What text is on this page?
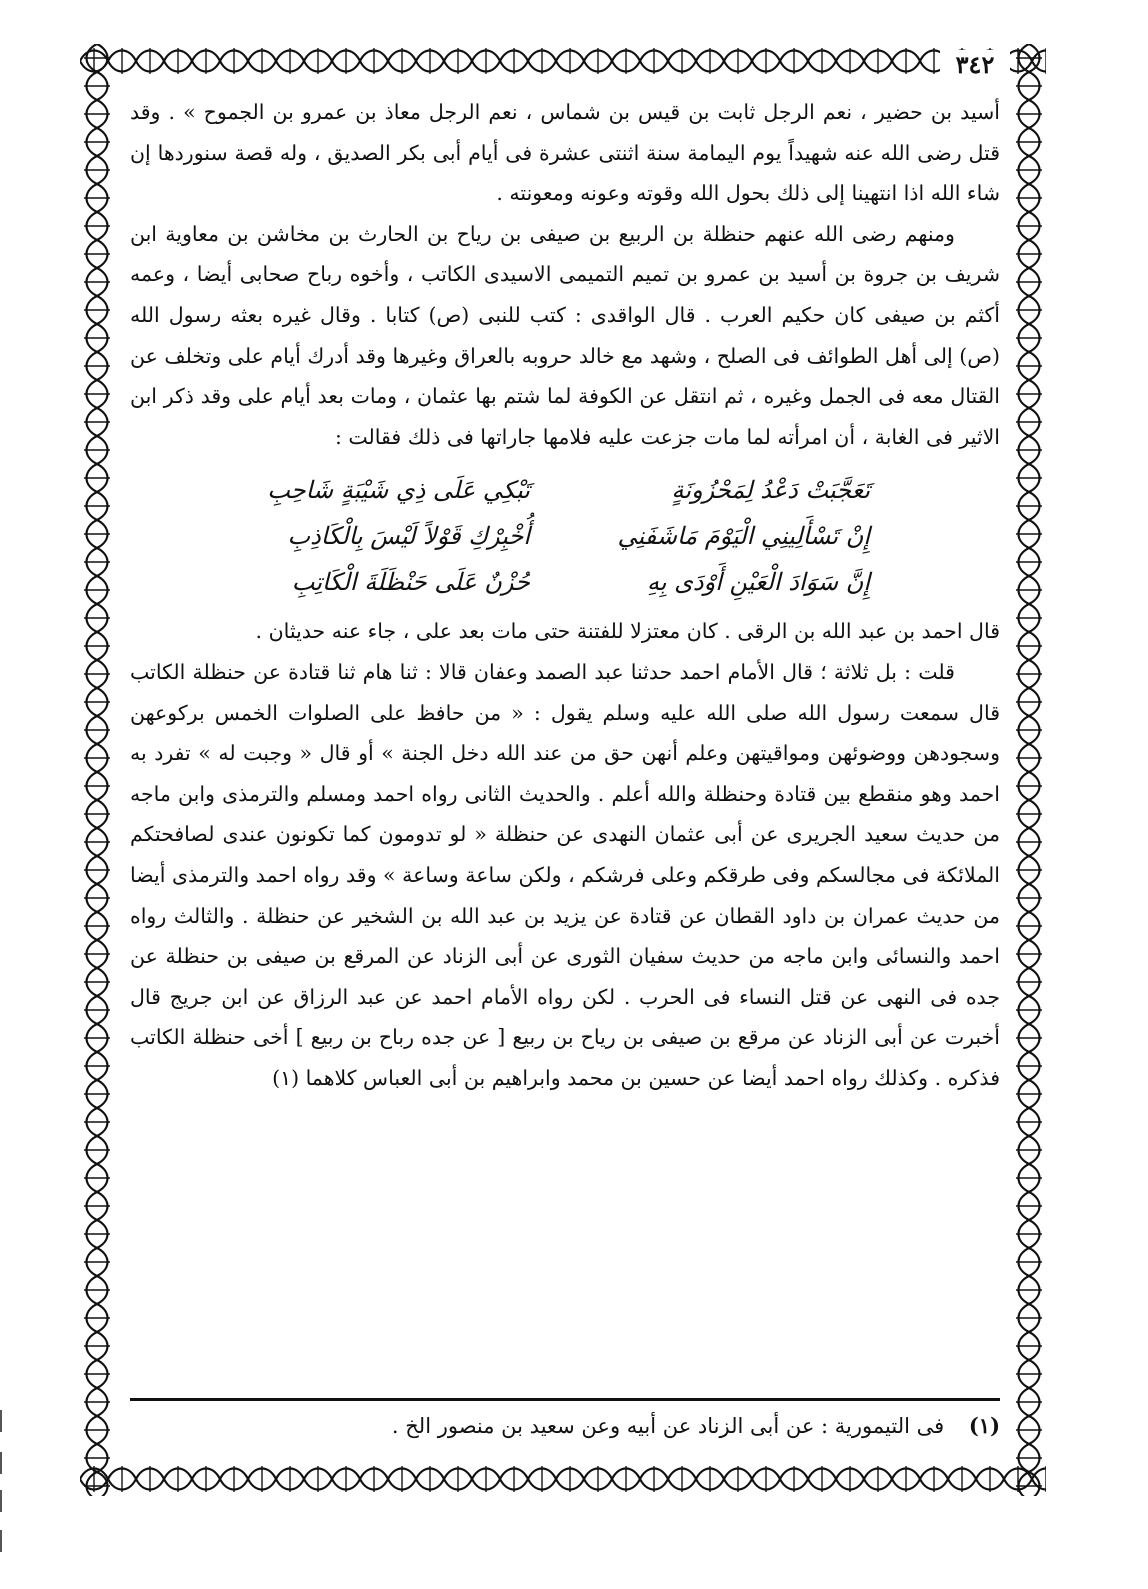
٣٤٢

أسيد بن حضير ، نعم الرجل ثابت بن قيس بن شماس ، نعم الرجل معاذ بن عمرو بن الجموح » . وقد قتل رضى الله عنه شهيداً يوم اليمامة سنة اثنتى عشرة فى أيام أبى بكر الصديق ، وله قصة سنوردها إن شاء الله اذا انتهينا إلى ذلك بحول الله وقوته وعونه ومعونته .

ومنهم رضى الله عنهم حنظلة بن الربيع بن صيفى بن رياح بن الحارث بن مخاشن بن معاوية ابن شريف بن جروة بن أسيد بن عمرو بن تميم التميمى الاسيدى الكاتب ، وأخوه رباح صحابى أيضا ، وعمه أكثم بن صيفى كان حكيم العرب . قال الواقدى : كتب للنبى (ص) كتابا . وقال غيره بعثه رسول الله (ص) إلى أهل الطوائف فى الصلح ، وشهد مع خالد حروبه بالعراق وغيرها وقد أدرك أيام على وتخلف عن القتال معه فى الجمل وغيره ، ثم انتقل عن الكوفة لما شتم بها عثمان ، ومات بعد أيام على وقد ذكر ابن الاثير فى الغابة ، أن امرأته لما مات جزعت عليه فلامها جاراتها فى ذلك فقالت :

تَعَجَّبَتْ دَعْدُ لِمَحْزُونَةٍ
تَبْكِي عَلَى ذِي شَيْبَةٍ شَاحِبِ
إِنْ تَسْأَلِينِي الْيَوْمَ مَاشَفَنِي
أُخْبِرْكِ قَوْلاً لَيْسَ بِالْكَاذِبِ
إِنَّ سَوَادَ الْعَيْنِ أَوْدَى بِهِ
حُزْنٌ عَلَى حَنْظَلَةَ الْكَاتِبِ

قال احمد بن عبد الله بن الرقى . كان معتزلا للفتنة حتى مات بعد على ، جاء عنه حديثان .

قلت : بل ثلاثة ؛ قال الأمام احمد حدثنا عبد الصمد وعفان قالا : ثنا هام ثنا قتادة عن حنظلة الكاتب قال سمعت رسول الله صلى الله عليه وسلم يقول : « من حافظ على الصلوات الخمس بركوعهن وسجودهن ووضوئهن ومواقيتهن وعلم أنهن حق من عند الله دخل الجنة » أو قال « وجبت له » تفرد به احمد وهو منقطع بين قتادة وحنظلة والله أعلم . والحديث الثانى رواه احمد ومسلم والترمذى وابن ماجه من حديث سعيد الجريرى عن أبى عثمان النهدى عن حنظلة « لو تدومون كما تكونون عندى لصافحتكم الملائكة فى مجالسكم وفى طرقكم وعلى فرشكم ، ولكن ساعة وساعة » وقد رواه احمد والترمذى أيضا من حديث عمران بن داود القطان عن قتادة عن يزيد بن عبد الله بن الشخير عن حنظلة . والثالث رواه احمد والنسائى وابن ماجه من حديث سفيان الثورى عن أبى الزناد عن المرقع بن صيفى بن حنظلة عن جده فى النهى عن قتل النساء فى الحرب . لكن رواه الأمام احمد عن عبد الرزاق عن ابن جريج قال أخبرت عن أبى الزناد عن مرقع بن صيفى بن رياح بن ربيع [ عن جده رباح بن ربيع ] أخى حنظلة الكاتب فذكره . وكذلك رواه احمد أيضا عن حسين بن محمد وابراهيم بن أبى العباس كلاهما (١)

(١) فى التيمورية : عن أبى الزناد عن أبيه وعن سعيد بن منصور الخ .
